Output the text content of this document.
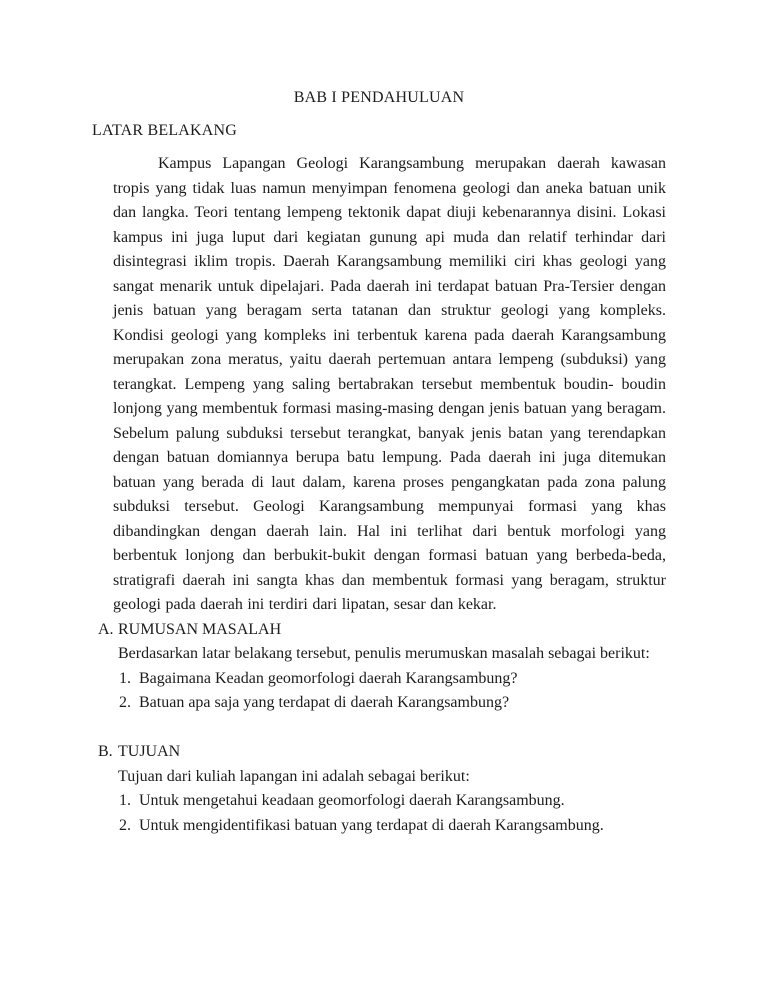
BAB I PENDAHULUAN
LATAR BELAKANG

Kampus Lapangan Geologi Karangsambung merupakan daerah kawasan tropis yang tidak luas namun menyimpan fenomena geologi dan aneka batuan unik dan langka. Teori tentang lempeng tektonik dapat diuji kebenarannya disini. Lokasi kampus ini juga luput dari kegiatan gunung api muda dan relatif terhindar dari disintegrasi iklim tropis. Daerah Karangsambung memiliki ciri khas geologi yang sangat menarik untuk dipelajari. Pada daerah ini terdapat batuan Pra-Tersier dengan jenis batuan yang beragam serta tatanan dan struktur geologi yang kompleks. Kondisi geologi yang kompleks ini terbentuk karena pada daerah Karangsambung merupakan zona meratus, yaitu daerah pertemuan antara lempeng (subduksi) yang terangkat. Lempeng yang saling bertabrakan tersebut membentuk boudin- boudin lonjong yang membentuk formasi masing-masing dengan jenis batuan yang beragam. Sebelum palung subduksi tersebut terangkat, banyak jenis batan yang terendapkan dengan batuan domiannya berupa batu lempung. Pada daerah ini juga ditemukan batuan yang berada di laut dalam, karena proses pengangkatan pada zona palung subduksi tersebut. Geologi Karangsambung mempunyai formasi yang khas dibandingkan dengan daerah lain. Hal ini terlihat dari bentuk morfologi yang berbentuk lonjong dan berbukit-bukit dengan formasi batuan yang berbeda-beda, stratigrafi daerah ini sangta khas dan membentuk formasi yang beragam, struktur geologi pada daerah ini terdiri dari lipatan, sesar dan kekar.

A. RUMUSAN MASALAH

Berdasarkan latar belakang tersebut, penulis merumuskan masalah sebagai berikut:

1. Bagaimana Keadan geomorfologi daerah Karangsambung?
2. Batuan apa saja yang terdapat di daerah Karangsambung?
B. TUJUAN

Tujuan dari kuliah lapangan ini adalah sebagai berikut:

1. Untuk mengetahui keadaan geomorfologi daerah Karangsambung.
2. Untuk mengidentifikasi batuan yang terdapat di daerah Karangsambung.
